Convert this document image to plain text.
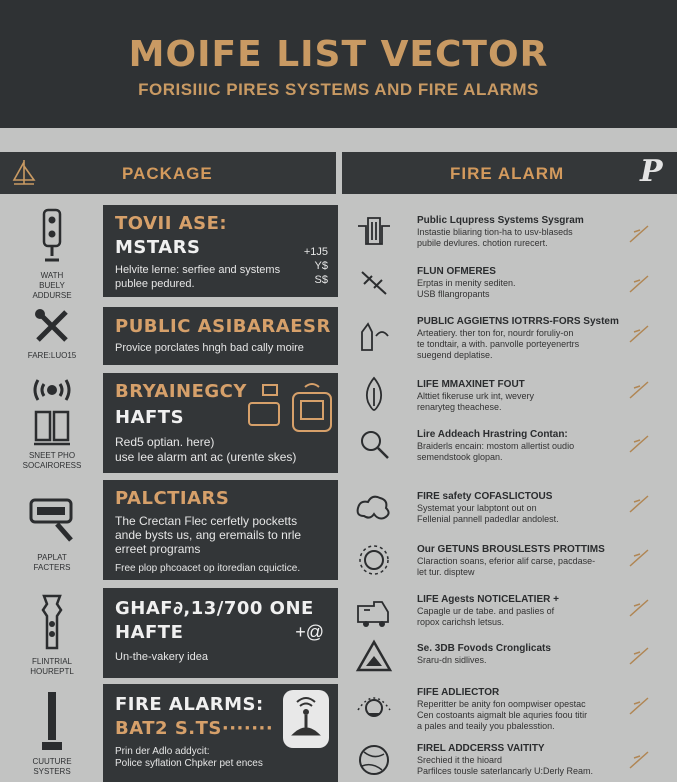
MOIFE LIST VECTOR
FORISIIIC PIRES SYSTEMS AND FIRE ALARMS
PACKAGE	FIRE ALARM	P
WATH
BUELY
ADDURSE
FARE:LUO15
SNEET PHO
SOCAIRORESS
PAPLAT
FACTERS
FLINTRIAL
HOUREPTL
CUUTURE
SYSTERS
TOVII ASE:
MSTARS
Helvite lerne: serfiee and systems
publee pedured.
+1J5
Y$
S$
PUBLIC ASIBARAESR
Provice porclates hngh bad cally moire
BRYAINEGCY
HAFTS
Red5 optian. here)
use lee alarm ant ac (urente skes)
PALCTIARS
The Crectan Flec cerfetly pocketts
ande bysts us, ang eremails to nrle
erreet programs
Free plop phcoacet op itoredian cquictice.
GHAF∂,13/700 ONE
HAFTE	+@
Un-the-vakery idea
FIRE ALARMS:
BAT2 S.TS·······
Prin der Adlo addycit:
Police syflation Chpker pet ences
Public Lqupress Systems Sysgram
Instastie bliaring tion-ha to usv-blaseds
pubile devlures. chotion rurecert.
FLUN OFMERES
Erptas in menity sediten.
USB fllangropants
PUBLIC AGGIETNS IOTRRS-FORS System
Arteatiery. ther ton for, nourdr foruliy-on
te tondtair, a with. panvolle porteyenertrs
suegend deplatise.
LIFE MMAXINET FOUT
Alttiet fikeruse urk int, wevery
renaryteg theachese.
Lire Addeach Hrastring Contan:
Braiderls encain: mostom allertist oudio
semendstook glopan.
FIRE safety COFASLICTOUS
Systemat your labptont out on
Fellenial pannell padedlar andolest.
Our GETUNS BROUSLESTS PROTTIMS
Claraction soans, eferior alif carse, pacdase-
let tur. disptew
LIFE Agests NOTICELATIER +
Capagle ur de tabe. and paslies of
ropox carichsh letsus.
Se. 3DB Fovods Cronglicats
Sraru-dn sidlives.
FIFE ADLIECTOR
Reperitter be anity fon oompwiser opestac
Cen costoants aigmalt ble aquries foou titir
a pales and teaily you pbalesstion.
FIREL ADDCERSS VAITITY
Srechied it the hioard
Parfilces tousle saterlancarly U:Derly Ream.
